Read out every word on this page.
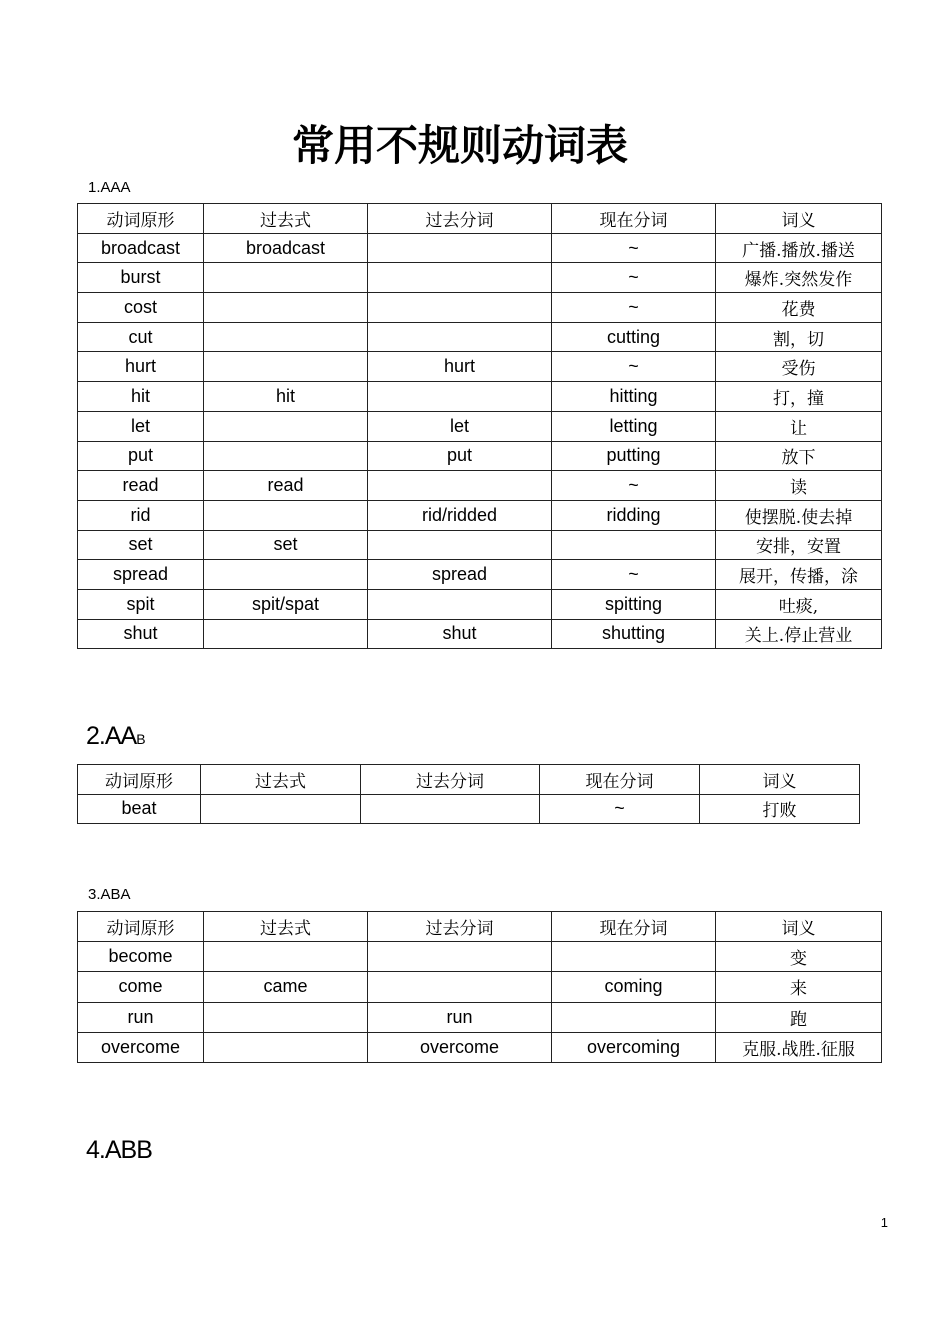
常用不规则动词表
1.AAA
动词原形	过去式	过去分词	现在分词	词义
broadcast	broadcast		~	广播.播放.播送
burst			~	爆炸.突然发作
cost			~	花费
cut			cutting	割，切
hurt		hurt	~	受伤
hit	hit		hitting	打，撞
let		let	letting	让
put		put	putting	放下
read	read		~	读
rid		rid/ridded	ridding	使摆脱.使去掉
set	set			安排，安置
spread		spread	~	展开，传播，涂
spit	spit/spat		spitting	吐痰,
shut		shut	shutting	关上.停止营业
2.AAB
动词原形	过去式	过去分词	现在分词	词义
beat			~	打败
3.ABA
动词原形	过去式	过去分词	现在分词	词义
become				变
come	came		coming	来
run		run		跑
overcome		overcome	overcoming	克服.战胜.征服
4.ABB
1
